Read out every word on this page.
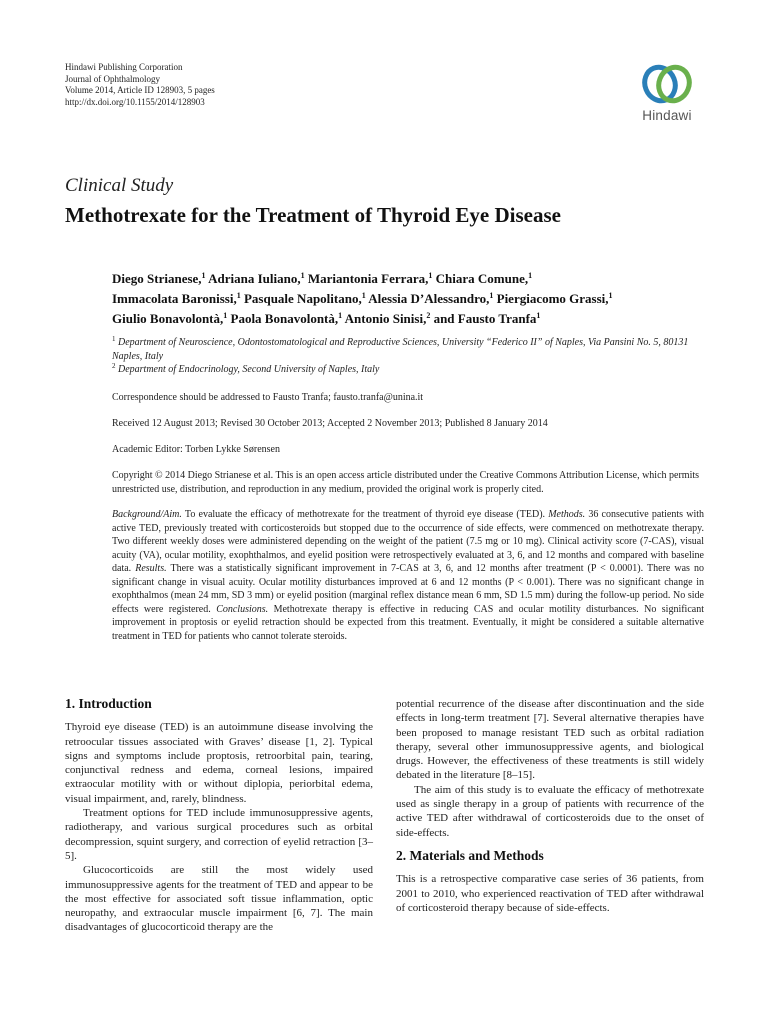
Hindawi Publishing Corporation
Journal of Ophthalmology
Volume 2014, Article ID 128903, 5 pages
http://dx.doi.org/10.1155/2014/128903
Hindawi
Clinical Study
Methotrexate for the Treatment of Thyroid Eye Disease
Diego Strianese,$^1$ Adriana Iuliano,$^1$ Mariantonia Ferrara,$^1$ Chiara Comune,$^1$
Immacolata Baronissi,$^1$ Pasquale Napolitano,$^1$ Alessia D’Alessandro,$^1$ Piergiacomo Grassi,$^1$
Giulio Bonavolontà,$^1$ Paola Bonavolontà,$^1$ Antonio Sinisi,$^2$ and Fausto Tranfa$^1$
$^1$ Department of Neuroscience, Odontostomatological and Reproductive Sciences, University “Federico II” of Naples, Via Pansini No. 5, 80131 Naples, Italy
$^2$ Department of Endocrinology, Second University of Naples, Italy
Correspondence should be addressed to Fausto Tranfa; fausto.tranfa@unina.it
Received 12 August 2013; Revised 30 October 2013; Accepted 2 November 2013; Published 8 January 2014
Academic Editor: Torben Lykke Sørensen
Copyright © 2014 Diego Strianese et al. This is an open access article distributed under the Creative Commons Attribution License, which permits unrestricted use, distribution, and reproduction in any medium, provided the original work is properly cited.
Background/Aim. To evaluate the efficacy of methotrexate for the treatment of thyroid eye disease (TED). Methods. 36 consecutive patients with active TED, previously treated with corticosteroids but stopped due to the occurrence of side effects, were commenced on methotrexate therapy. Two different weekly doses were administered depending on the weight of the patient (7.5 mg or 10 mg). Clinical activity score (7-CAS), visual acuity (VA), ocular motility, exophthalmos, and eyelid position were retrospectively evaluated at 3, 6, and 12 months and compared with baseline data. Results. There was a statistically significant improvement in 7-CAS at 3, 6, and 12 months after treatment (P < 0.0001). There was no significant change in visual acuity. Ocular motility disturbances improved at 6 and 12 months (P < 0.001). There was no significant change in exophthalmos (mean 24 mm, SD 3 mm) or eyelid position (marginal reflex distance mean 6 mm, SD 1.5 mm) during the follow-up period. No side effects were registered. Conclusions. Methotrexate therapy is effective in reducing CAS and ocular motility disturbances. No significant improvement in proptosis or eyelid retraction should be expected from this treatment. Eventually, it might be considered a suitable alternative treatment in TED for patients who cannot tolerate steroids.
1. Introduction

Thyroid eye disease (TED) is an autoimmune disease involving the retroocular tissues associated with Graves’ disease [1, 2]. Typical signs and symptoms include proptosis, retroorbital pain, tearing, conjunctival redness and edema, corneal lesions, impaired extraocular motility with or without diplopia, periorbital edema, visual impairment, and, rarely, blindness.

Treatment options for TED include immunosuppressive agents, radiotherapy, and various surgical procedures such as orbital decompression, squint surgery, and correction of eyelid retraction [3–5].

Glucocorticoids are still the most widely used immunosuppressive agents for the treatment of TED and appear to be the most effective for associated soft tissue inflammation, optic neuropathy, and extraocular muscle impairment [6, 7]. The main disadvantages of glucocorticoid therapy are the

potential recurrence of the disease after discontinuation and the side effects in long-term treatment [7]. Several alternative therapies have been proposed to manage resistant TED such as orbital radiation therapy, several other immunosuppressive agents, and biological drugs. However, the effectiveness of these treatments is still widely debated in the literature [8–15].

The aim of this study is to evaluate the efficacy of methotrexate used as single therapy in a group of patients with recurrence of the active TED after withdrawal of corticosteroids due to the onset of side-effects.

2. Materials and Methods

This is a retrospective comparative case series of 36 patients, from 2001 to 2010, who experienced reactivation of TED after withdrawal of corticosteroid therapy because of side-effects.
